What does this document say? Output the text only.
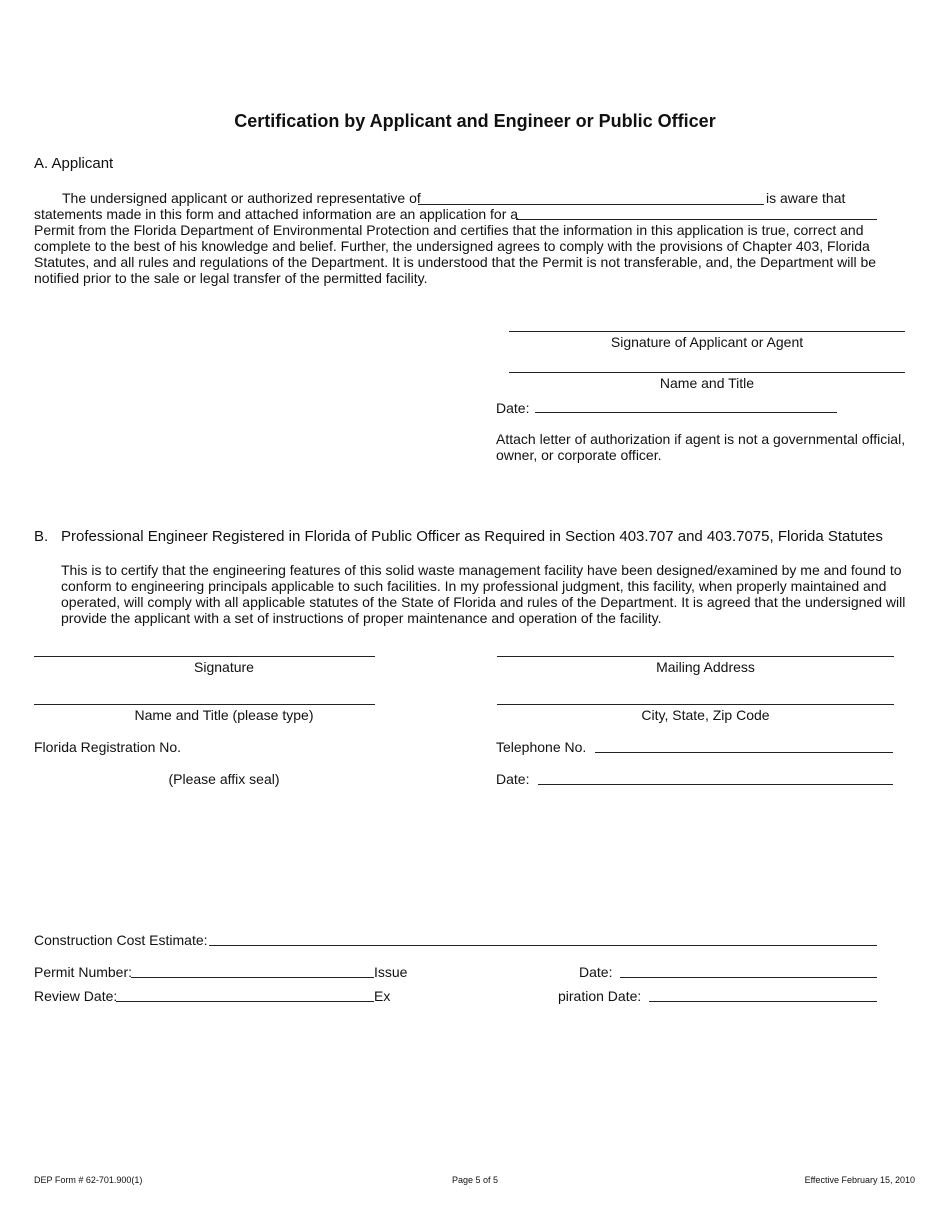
Certification by Applicant and Engineer or Public Officer
A. Applicant
The undersigned applicant or authorized representative of	is aware that
statements made in this form and attached information are an application for a
Permit from the Florida Department of Environmental Protection and certifies that the information in this application is true, correct and complete to the best of his knowledge and belief. Further, the undersigned agrees to comply with the provisions of Chapter 403, Florida Statutes, and all rules and regulations of the Department. It is understood that the Permit is not transferable, and, the Department will be notified prior to the sale or legal transfer of the permitted facility.
Signature of Applicant or Agent
Name and Title
Date:
Attach letter of authorization if agent is not a governmental official, owner, or corporate officer.
B. Professional Engineer Registered in Florida of Public Officer as Required in Section 403.707 and 403.7075, Florida Statutes
This is to certify that the engineering features of this solid waste management facility have been designed/examined by me and found to conform to engineering principals applicable to such facilities. In my professional judgment, this facility, when properly maintained and operated, will comply with all applicable statutes of the State of Florida and rules of the Department. It is agreed that the undersigned will provide the applicant with a set of instructions of proper maintenance and operation of the facility.
Signature	Mailing Address
Name and Title (please type)	City, State, Zip Code
Florida Registration No.	Telephone No.
(Please affix seal)	Date:
Construction Cost Estimate:
Permit Number:	Issue	Date:
Review Date:	Ex	piration Date:
DEP Form # 62-701.900(1)	Page 5 of 5	Effective February 15, 2010
